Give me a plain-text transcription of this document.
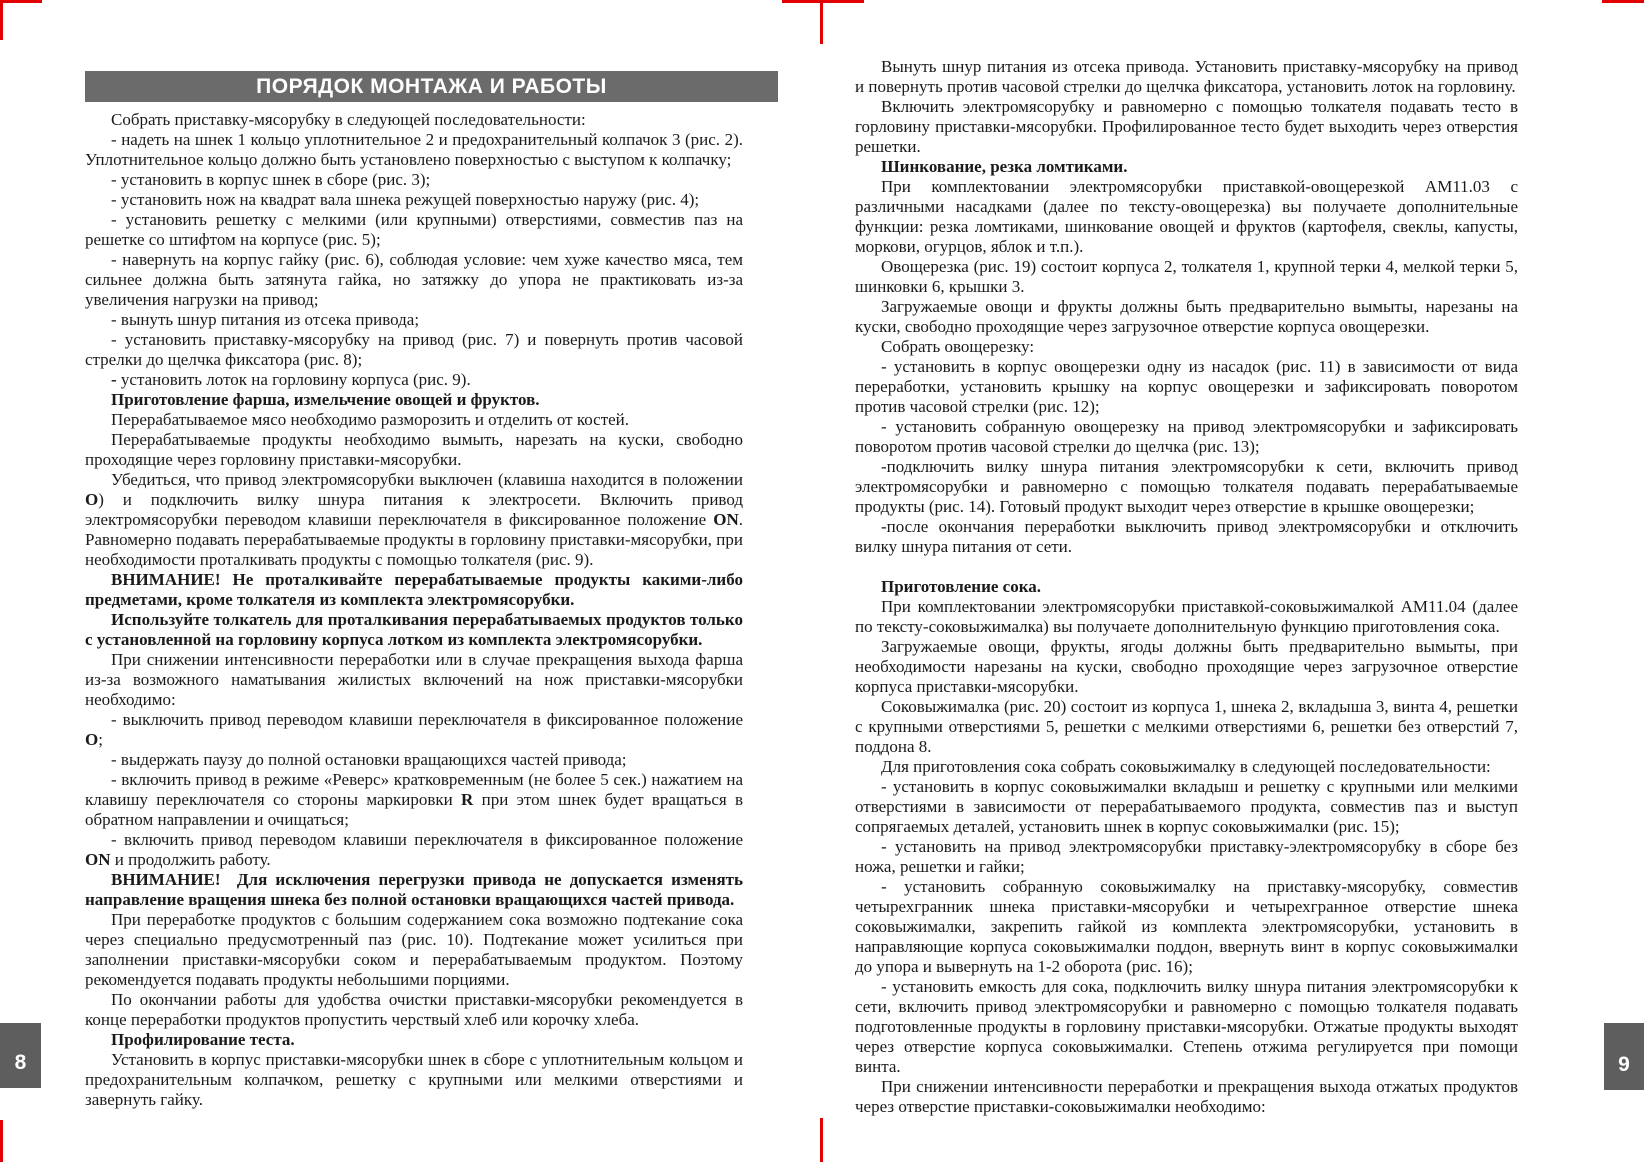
ПОРЯДОК МОНТАЖА И РАБОТЫ

Собрать приставку-мясорубку в следующей последовательности:

- надеть на шнек 1 кольцо уплотнительное 2 и предохранительный колпачок 3 (рис. 2). Уплотнительное кольцо должно быть установлено поверхностью с выступом к колпачку;

- установить в корпус шнек в сборе (рис. 3);

- установить нож на квадрат вала шнека режущей поверхностью наружу (рис. 4);

- установить решетку с мелкими (или крупными) отверстиями, совместив паз на решетке со штифтом на корпусе (рис. 5);

- навернуть на корпус гайку (рис. 6), соблюдая условие: чем хуже качество мяса, тем сильнее должна быть затянута гайка, но затяжку до упора не практиковать из-за увеличения нагрузки на привод;

- вынуть шнур питания из отсека привода;

- установить приставку-мясорубку на привод (рис. 7) и повернуть против часовой стрелки до щелчка фиксатора (рис. 8);

- установить лоток на горловину корпуса (рис. 9).

Приготовление фарша, измельчение овощей и фруктов.

Перерабатываемое мясо необходимо разморозить и отделить от костей.

Перерабатываемые продукты необходимо вымыть, нарезать на куски, свободно проходящие через горловину приставки-мясорубки.

Убедиться, что привод электромясорубки выключен (клавиша находится в положении О) и подключить вилку шнура питания к электросети. Включить привод электромясорубки переводом клавиши переключателя в фиксированное положение ON. Равномерно подавать перерабатываемые продукты в горловину приставки-мясорубки, при необходимости проталкивать продукты с помощью толкателя (рис. 9).

ВНИМАНИЕ! Не проталкивайте перерабатываемые продукты какими-либо предметами, кроме толкателя из комплекта электромясорубки.

Используйте толкатель для проталкивания перерабатываемых продуктов только с установленной на горловину корпуса лотком из комплекта электромясорубки.

При снижении интенсивности переработки или в случае прекращения выхода фарша из-за возможного наматывания жилистых включений на нож приставки-мясорубки необходимо:

- выключить привод переводом клавиши переключателя в фиксированное положение О;

- выдержать паузу до полной остановки вращающихся частей привода;

- включить привод в режиме «Реверс» кратковременным (не более 5 сек.) нажатием на клавишу переключателя со стороны маркировки R при этом шнек будет вращаться в обратном направлении и очищаться;

- включить привод переводом клавиши переключателя в фиксированное положение ON и продолжить работу.

ВНИМАНИЕ!  Для исключения перегрузки привода не допускается изменять направление вращения шнека без полной остановки вращающихся частей привода.

При переработке продуктов с большим содержанием сока возможно подтекание сока через специально предусмотренный паз (рис. 10). Подтекание может усилиться при заполнении приставки-мясорубки соком и перерабатываемым продуктом. Поэтому рекомендуется подавать продукты небольшими порциями.

По окончании работы для удобства очистки приставки-мясорубки рекомендуется в конце переработки продуктов пропустить черствый хлеб или корочку хлеба.

Профилирование теста.

Установить в корпус приставки-мясорубки шнек в сборе с уплотнительным кольцом и предохранительным колпачком, решетку с крупными или мелкими отверстиями и завернуть гайку.

Вынуть шнур питания из отсека привода. Установить приставку-мясорубку на привод и повернуть против часовой стрелки до щелчка фиксатора, установить лоток на горловину.

Включить электромясорубку и равномерно с помощью толкателя подавать тесто в горловину приставки-мясорубки. Профилированное тесто будет выходить через отверстия решетки.

Шинкование, резка ломтиками.

При комплектовании электромясорубки приставкой-овощерезкой АМ11.03 с различными насадками (далее по тексту-овощерезка) вы получаете дополнительные функции: резка ломтиками, шинкование овощей и фруктов (картофеля, свеклы, капусты, моркови, огурцов, яблок и т.п.).

Овощерезка (рис. 19) состоит корпуса 2, толкателя 1, крупной терки 4, мелкой терки 5, шинковки 6, крышки 3.

Загружаемые овощи и фрукты должны быть предварительно вымыты, нарезаны на куски, свободно проходящие через загрузочное отверстие корпуса овощерезки.

Собрать овощерезку:

- установить в корпус овощерезки одну из насадок (рис. 11) в зависимости от вида переработки, установить крышку на корпус овощерезки и зафиксировать поворотом против часовой стрелки (рис. 12);

- установить собранную овощерезку на привод электромясорубки и зафиксировать поворотом против часовой стрелки до щелчка (рис. 13);

-подключить вилку шнура питания электромясорубки к сети, включить привод электромясорубки и равномерно с помощью толкателя подавать перерабатываемые продукты (рис. 14). Готовый продукт выходит через отверстие в крышке овощерезки;

-после окончания переработки выключить привод электромясорубки и отключить вилку шнура питания от сети.

Приготовление сока.

При комплектовании электромясорубки приставкой-соковыжималкой АМ11.04 (далее по тексту-соковыжималка) вы получаете дополнительную функцию приготовления сока.

Загружаемые овощи, фрукты, ягоды должны быть предварительно вымыты, при необходимости нарезаны на куски, свободно проходящие через загрузочное отверстие корпуса приставки-мясорубки.

Соковыжималка (рис. 20) состоит из корпуса 1, шнека 2, вкладыша 3, винта 4, решетки с крупными отверстиями 5, решетки с мелкими отверстиями 6, решетки без отверстий 7, поддона 8.

Для приготовления сока собрать соковыжималку в следующей последовательности:

- установить в корпус соковыжималки вкладыш и решетку с крупными или мелкими отверстиями в зависимости от перерабатываемого продукта, совместив паз и выступ сопрягаемых деталей, установить шнек в корпус соковыжималки (рис. 15);

- установить на привод электромясорубки приставку-электромясорубку в сборе без ножа, решетки и гайки;

- установить собранную соковыжималку на приставку-мясорубку, совместив четырехгранник шнека приставки-мясорубки и четырехгранное отверстие шнека соковыжималки, закрепить гайкой из комплекта электромясорубки, установить в направляющие корпуса соковыжималки поддон, ввернуть винт в корпус соковыжималки до упора и вывернуть на 1-2 оборота (рис. 16);

- установить емкость для сока, подключить вилку шнура питания электромясорубки к сети, включить привод электромясорубки и равномерно с помощью толкателя подавать подготовленные продукты в горловину приставки-мясорубки. Отжатые продукты выходят через отверстие корпуса соковыжималки. Степень отжима регулируется при помощи винта.

При снижении интенсивности переработки и прекращения выхода отжатых продуктов через отверстие приставки-соковыжималки необходимо:

8	9
